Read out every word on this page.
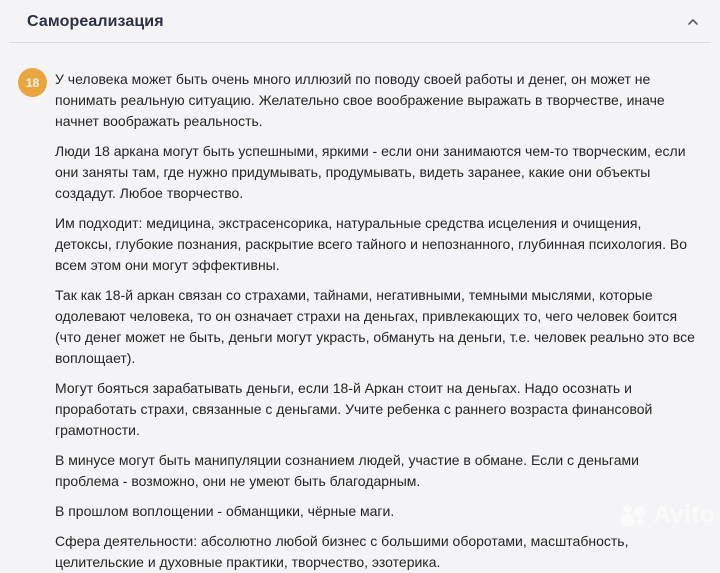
Самореализация
18	У человека может быть очень много иллюзий по поводу своей работы и денег, он может не понимать реальную ситуацию. Желательно свое воображение выражать в творчестве, иначе начнет воображать реальность.

Люди 18 аркана могут быть успешными, яркими - если они занимаются чем-то творческим, если они заняты там, где нужно придумывать, продумывать, видеть заранее, какие они объекты создадут. Любое творчество.

Им подходит: медицина, экстрасенсорика, натуральные средства исцеления и очищения, детоксы, глубокие познания, раскрытие всего тайного и непознанного, глубинная психология. Во всем этом они могут эффективны.

Так как 18-й аркан связан со страхами, тайнами, негативными, темными мыслями, которые одолевают человека, то он означает страхи на деньгах, привлекающих то, чего человек боится (что денег может не быть, деньги могут украсть, обмануть на деньги, т.е. человек реально это все воплощает).

Могут бояться зарабатывать деньги, если 18-й Аркан стоит на деньгах. Надо осознать и проработать страхи, связанные с деньгами. Учите ребенка с раннего возраста финансовой грамотности.

В минусе могут быть манипуляции сознанием людей, участие в обмане. Если с деньгами проблема - возможно, они не умеют быть благодарным.

В прошлом воплощении - обманщики, чёрные маги.

Сфера деятельности: абсолютно любой бизнес с большими оборотами, масштабность, целительские и духовные практики, творчество, эзотерика.

Avito
